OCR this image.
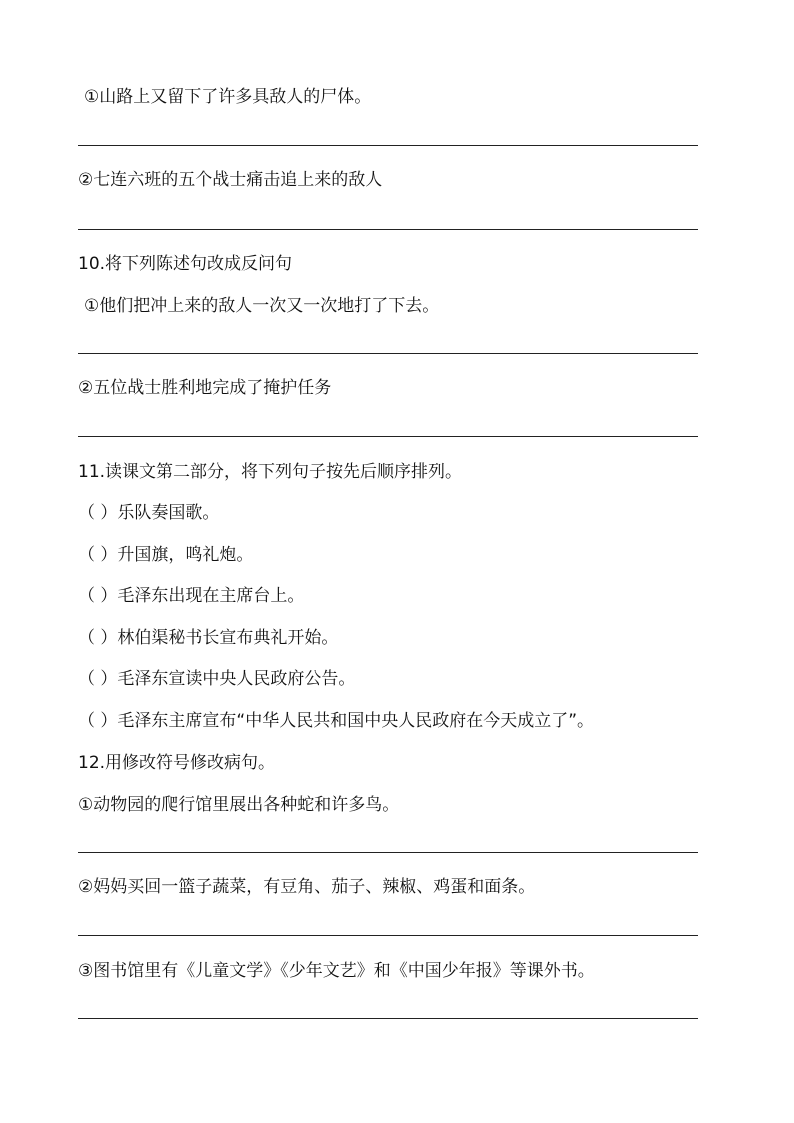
①山路上又留下了许多具敌人的尸体。
②七连六班的五个战士痛击追上来的敌人
10.将下列陈述句改成反问句
①他们把冲上来的敌人一次又一次地打了下去。
②五位战士胜利地完成了掩护任务
11.读课文第二部分，将下列句子按先后顺序排列。
（ ）乐队奏国歌。
（ ）升国旗，鸣礼炮。
（ ）毛泽东出现在主席台上。
（ ）林伯渠秘书长宣布典礼开始。
（ ）毛泽东宣读中央人民政府公告。
（ ）毛泽东主席宣布“中华人民共和国中央人民政府在今天成立了”。
12.用修改符号修改病句。
①动物园的爬行馆里展出各种蛇和许多鸟。
②妈妈买回一篮子蔬菜，有豆角、茄子、辣椒、鸡蛋和面条。
③图书馆里有《儿童文学》《少年文艺》和《中国少年报》等课外书。
